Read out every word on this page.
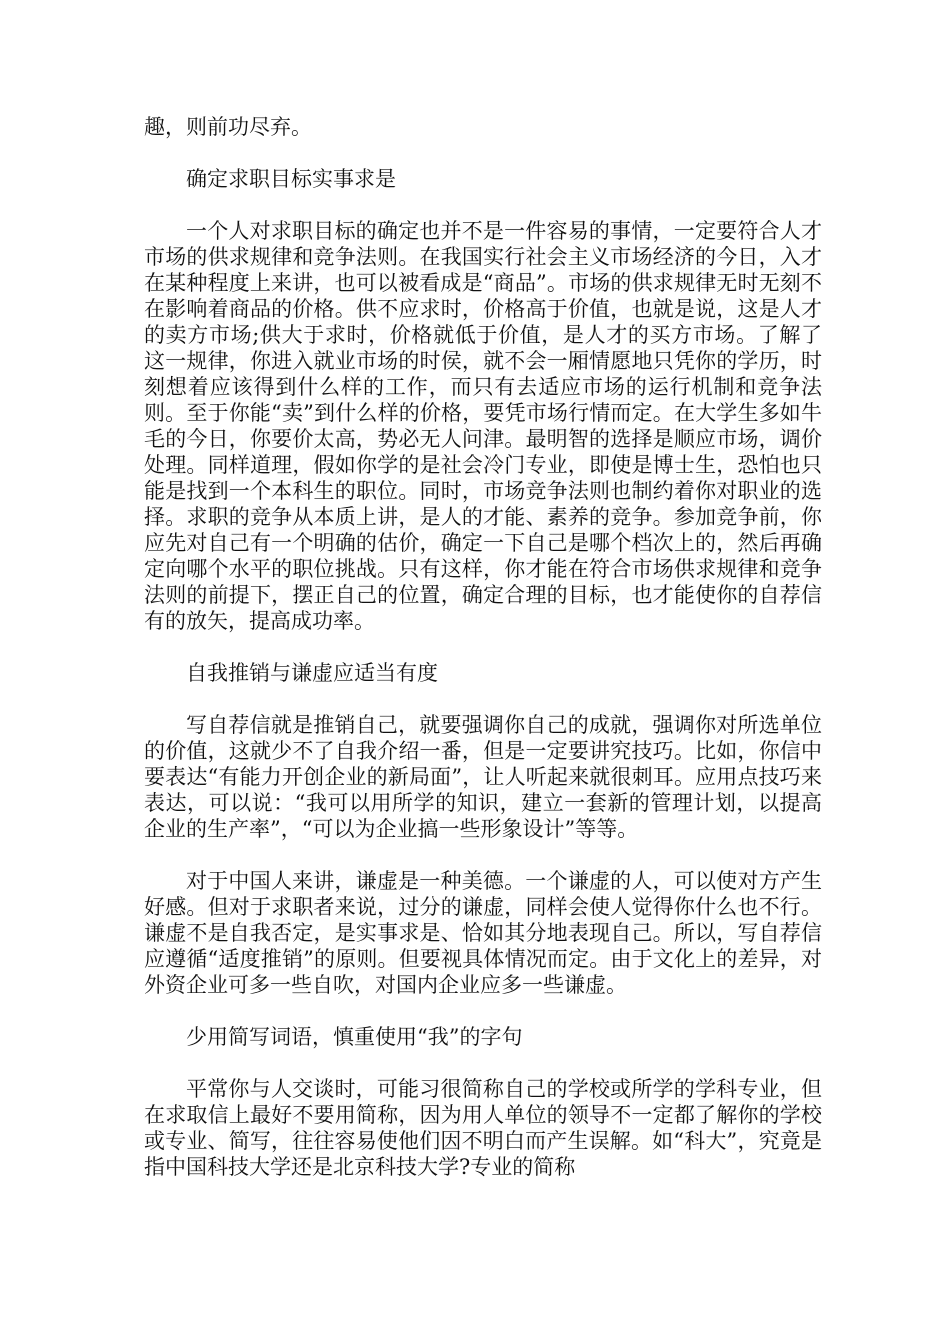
趣，则前功尽弃。

确定求职目标实事求是

一个人对求职目标的确定也并不是一件容易的事情，一定要符合人才市场的供求规律和竞争法则。在我国实行社会主义市场经济的今日，入才在某种程度上来讲，也可以被看成是“商品”。市场的供求规律无时无刻不在影响着商品的价格。供不应求时，价格高于价值，也就是说，这是人才的卖方市场;供大于求时，价格就低于价值，是人才的买方市场。了解了这一规律，你进入就业市场的时侯，就不会一厢情愿地只凭你的学历，时刻想着应该得到什么样的工作，而只有去适应市场的运行机制和竞争法则。至于你能“卖”到什么样的价格，要凭市场行情而定。在大学生多如牛毛的今日，你要价太高，势必无人问津。最明智的选择是顺应市场，调价处理。同样道理，假如你学的是社会冷门专业，即使是博士生，恐怕也只能是找到一个本科生的职位。同时，市场竞争法则也制约着你对职业的选择。求职的竞争从本质上讲，是人的才能、素养的竞争。参加竞争前，你应先对自己有一个明确的估价，确定一下自己是哪个档次上的，然后再确定向哪个水平的职位挑战。只有这样，你才能在符合市场供求规律和竞争法则的前提下，摆正自己的位置，确定合理的目标，也才能使你的自荐信有的放矢，提高成功率。

自我推销与谦虚应适当有度

写自荐信就是推销自己，就要强调你自己的成就，强调你对所选单位的价值，这就少不了自我介绍一番，但是一定要讲究技巧。比如，你信中要表达“有能力开创企业的新局面”，让人听起来就很刺耳。应用点技巧来表达，可以说：“我可以用所学的知识，建立一套新的管理计划，以提高企业的生产率”，“可以为企业搞一些形象设计”等等。

对于中国人来讲，谦虚是一种美德。一个谦虚的人，可以使对方产生好感。但对于求职者来说，过分的谦虚，同样会使人觉得你什么也不行。谦虚不是自我否定，是实事求是、恰如其分地表现自己。所以，写自荐信应遵循“适度推销”的原则。但要视具体情况而定。由于文化上的差异，对外资企业可多一些自吹，对国内企业应多一些谦虚。

少用简写词语，慎重使用“我”的字句

平常你与人交谈时，可能习很简称自己的学校或所学的学科专业，但在求取信上最好不要用简称，因为用人单位的领导不一定都了解你的学校或专业、简写，往往容易使他们因不明白而产生误解。如“科大”，究竟是指中国科技大学还是北京科技大学?专业的简称
